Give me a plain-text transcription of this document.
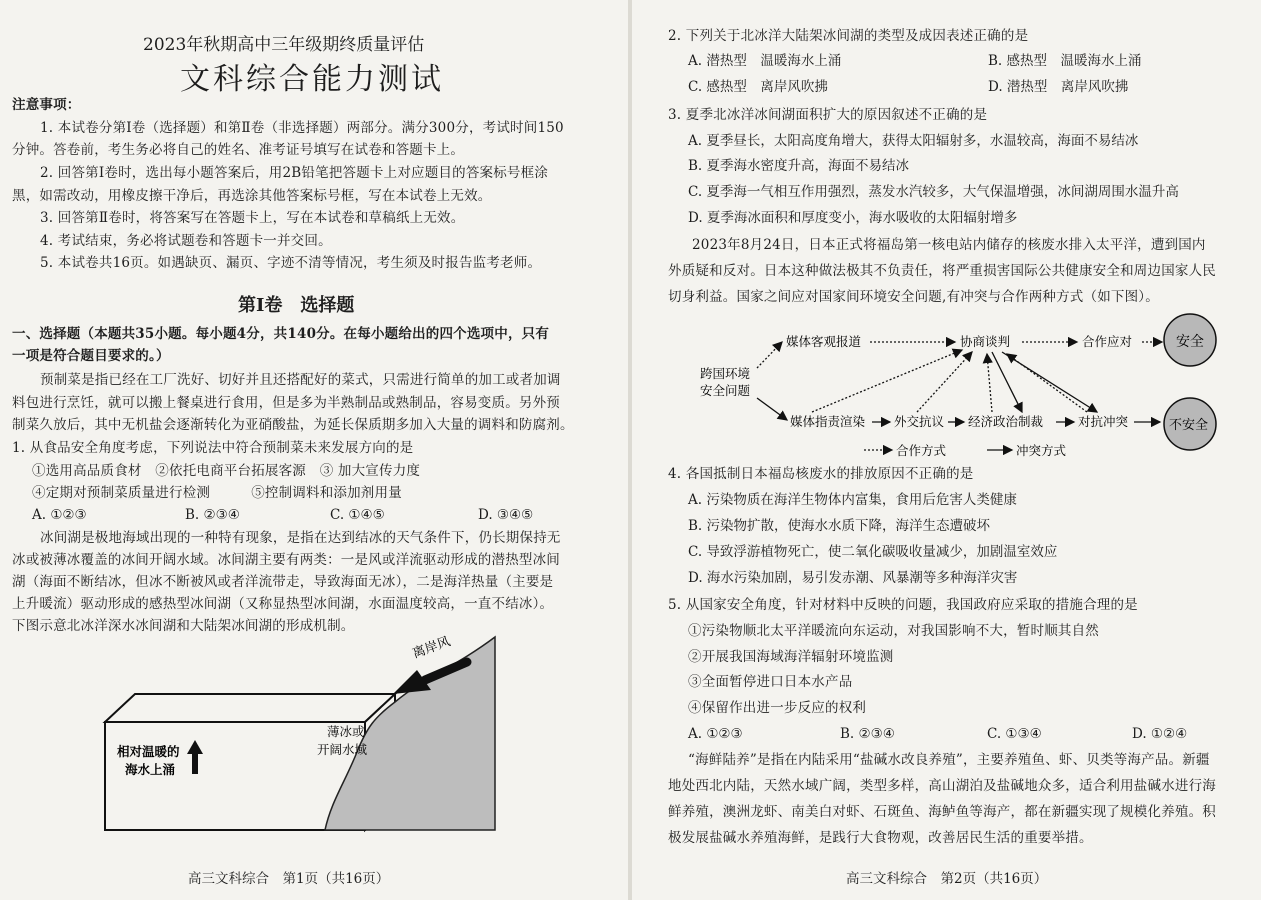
2023年秋期高中三年级期终质量评估
文科综合能力测试
注意事项：
1. 本试卷分第Ⅰ卷（选择题）和第Ⅱ卷（非选择题）两部分。满分300分，考试时间150
分钟。答卷前，考生务必将自己的姓名、准考证号填写在试卷和答题卡上。
2. 回答第Ⅰ卷时，选出每小题答案后，用2B铅笔把答题卡上对应题目的答案标号框涂
黑，如需改动，用橡皮擦干净后，再选涂其他答案标号框，写在本试卷上无效。
3. 回答第Ⅱ卷时，将答案写在答题卡上，写在本试卷和草稿纸上无效。
4. 考试结束，务必将试题卷和答题卡一并交回。
5. 本试卷共16页。如遇缺页、漏页、字迹不清等情况，考生须及时报告监考老师。
第Ⅰ卷　选择题
一、选择题（本题共35小题。每小题4分，共140分。在每小题给出的四个选项中，只有
一项是符合题目要求的。）
预制菜是指已经在工厂洗好、切好并且还搭配好的菜式，只需进行简单的加工或者加调
料包进行烹饪，就可以搬上餐桌进行食用，但是多为半熟制品或熟制品，容易变质。另外预
制菜久放后，其中无机盐会逐渐转化为亚硝酸盐，为延长保质期多加入大量的调料和防腐剂。
1. 从食品安全角度考虑，下列说法中符合预制菜未来发展方向的是
①选用高品质食材　②依托电商平台拓展客源　③ 加大宣传力度
④定期对预制菜质量进行检测　　　⑤控制调料和添加剂用量
A. ①②③	B. ②③④	C. ①④⑤	D. ③④⑤
冰间湖是极地海域出现的一种特有现象，是指在达到结冰的天气条件下，仍长期保持无
冰或被薄冰覆盖的冰间开阔水域。冰间湖主要有两类：一是风或洋流驱动形成的潜热型冰间
湖（海面不断结冰，但冰不断被风或者洋流带走，导致海面无冰），二是海洋热量（主要是
上升暖流）驱动形成的感热型冰间湖（又称显热型冰间湖，水面温度较高，一直不结冰）。
下图示意北冰洋深水冰间湖和大陆架冰间湖的形成机制。
离岸风
薄冰或
开阔水域
相对温暖的
海水上涌
高三文科综合　第1页（共16页）
2. 下列关于北冰洋大陆架冰间湖的类型及成因表述正确的是
A. 潜热型　温暖海水上涌	B. 感热型　温暖海水上涌
C. 感热型　离岸风吹拂	D. 潜热型　离岸风吹拂
3. 夏季北冰洋冰间湖面积扩大的原因叙述不正确的是
A. 夏季昼长，太阳高度角增大，获得太阳辐射多，水温较高，海面不易结冰
B. 夏季海水密度升高，海面不易结冰
C. 夏季海一气相互作用强烈，蒸发水汽较多，大气保温增强，冰间湖周围水温升高
D. 夏季海冰面积和厚度变小，海水吸收的太阳辐射增多
2023年8月24日，日本正式将福岛第一核电站内储存的核废水排入太平洋，遭到国内
外质疑和反对。日本这种做法极其不负责任，将严重损害国际公共健康安全和周边国家人民
切身利益。国家之间应对国家间环境安全问题,有冲突与合作两种方式（如下图）。
跨国环境
安全问题
媒体客观报道	协商谈判	合作应对	安全
媒体指责渲染 外交抗议 经济政治制裁	对抗冲突	不安全
合作方式	冲突方式
4. 各国抵制日本福岛核废水的排放原因不正确的是
A. 污染物质在海洋生物体内富集，食用后危害人类健康
B. 污染物扩散，使海水水质下降，海洋生态遭破坏
C. 导致浮游植物死亡，使二氧化碳吸收量减少，加剧温室效应
D. 海水污染加剧，易引发赤潮、风暴潮等多种海洋灾害
5. 从国家安全角度，针对材料中反映的问题，我国政府应采取的措施合理的是
①污染物顺北太平洋暖流向东运动，对我国影响不大，暂时顺其自然
②开展我国海域海洋辐射环境监测
③全面暂停进口日本水产品
④保留作出进一步反应的权利
A. ①②③	B. ②③④	C. ①③④	D. ①②④
“海鲜陆养”是指在内陆采用“盐碱水改良养殖”，主要养殖鱼、虾、贝类等海产品。新疆
地处西北内陆，天然水域广阔，类型多样，高山湖泊及盐碱地众多，适合利用盐碱水进行海
鲜养殖，澳洲龙虾、南美白对虾、石斑鱼、海鲈鱼等海产，都在新疆实现了规模化养殖。积
极发展盐碱水养殖海鲜，是践行大食物观，改善居民生活的重要举措。
高三文科综合　第2页（共16页）
